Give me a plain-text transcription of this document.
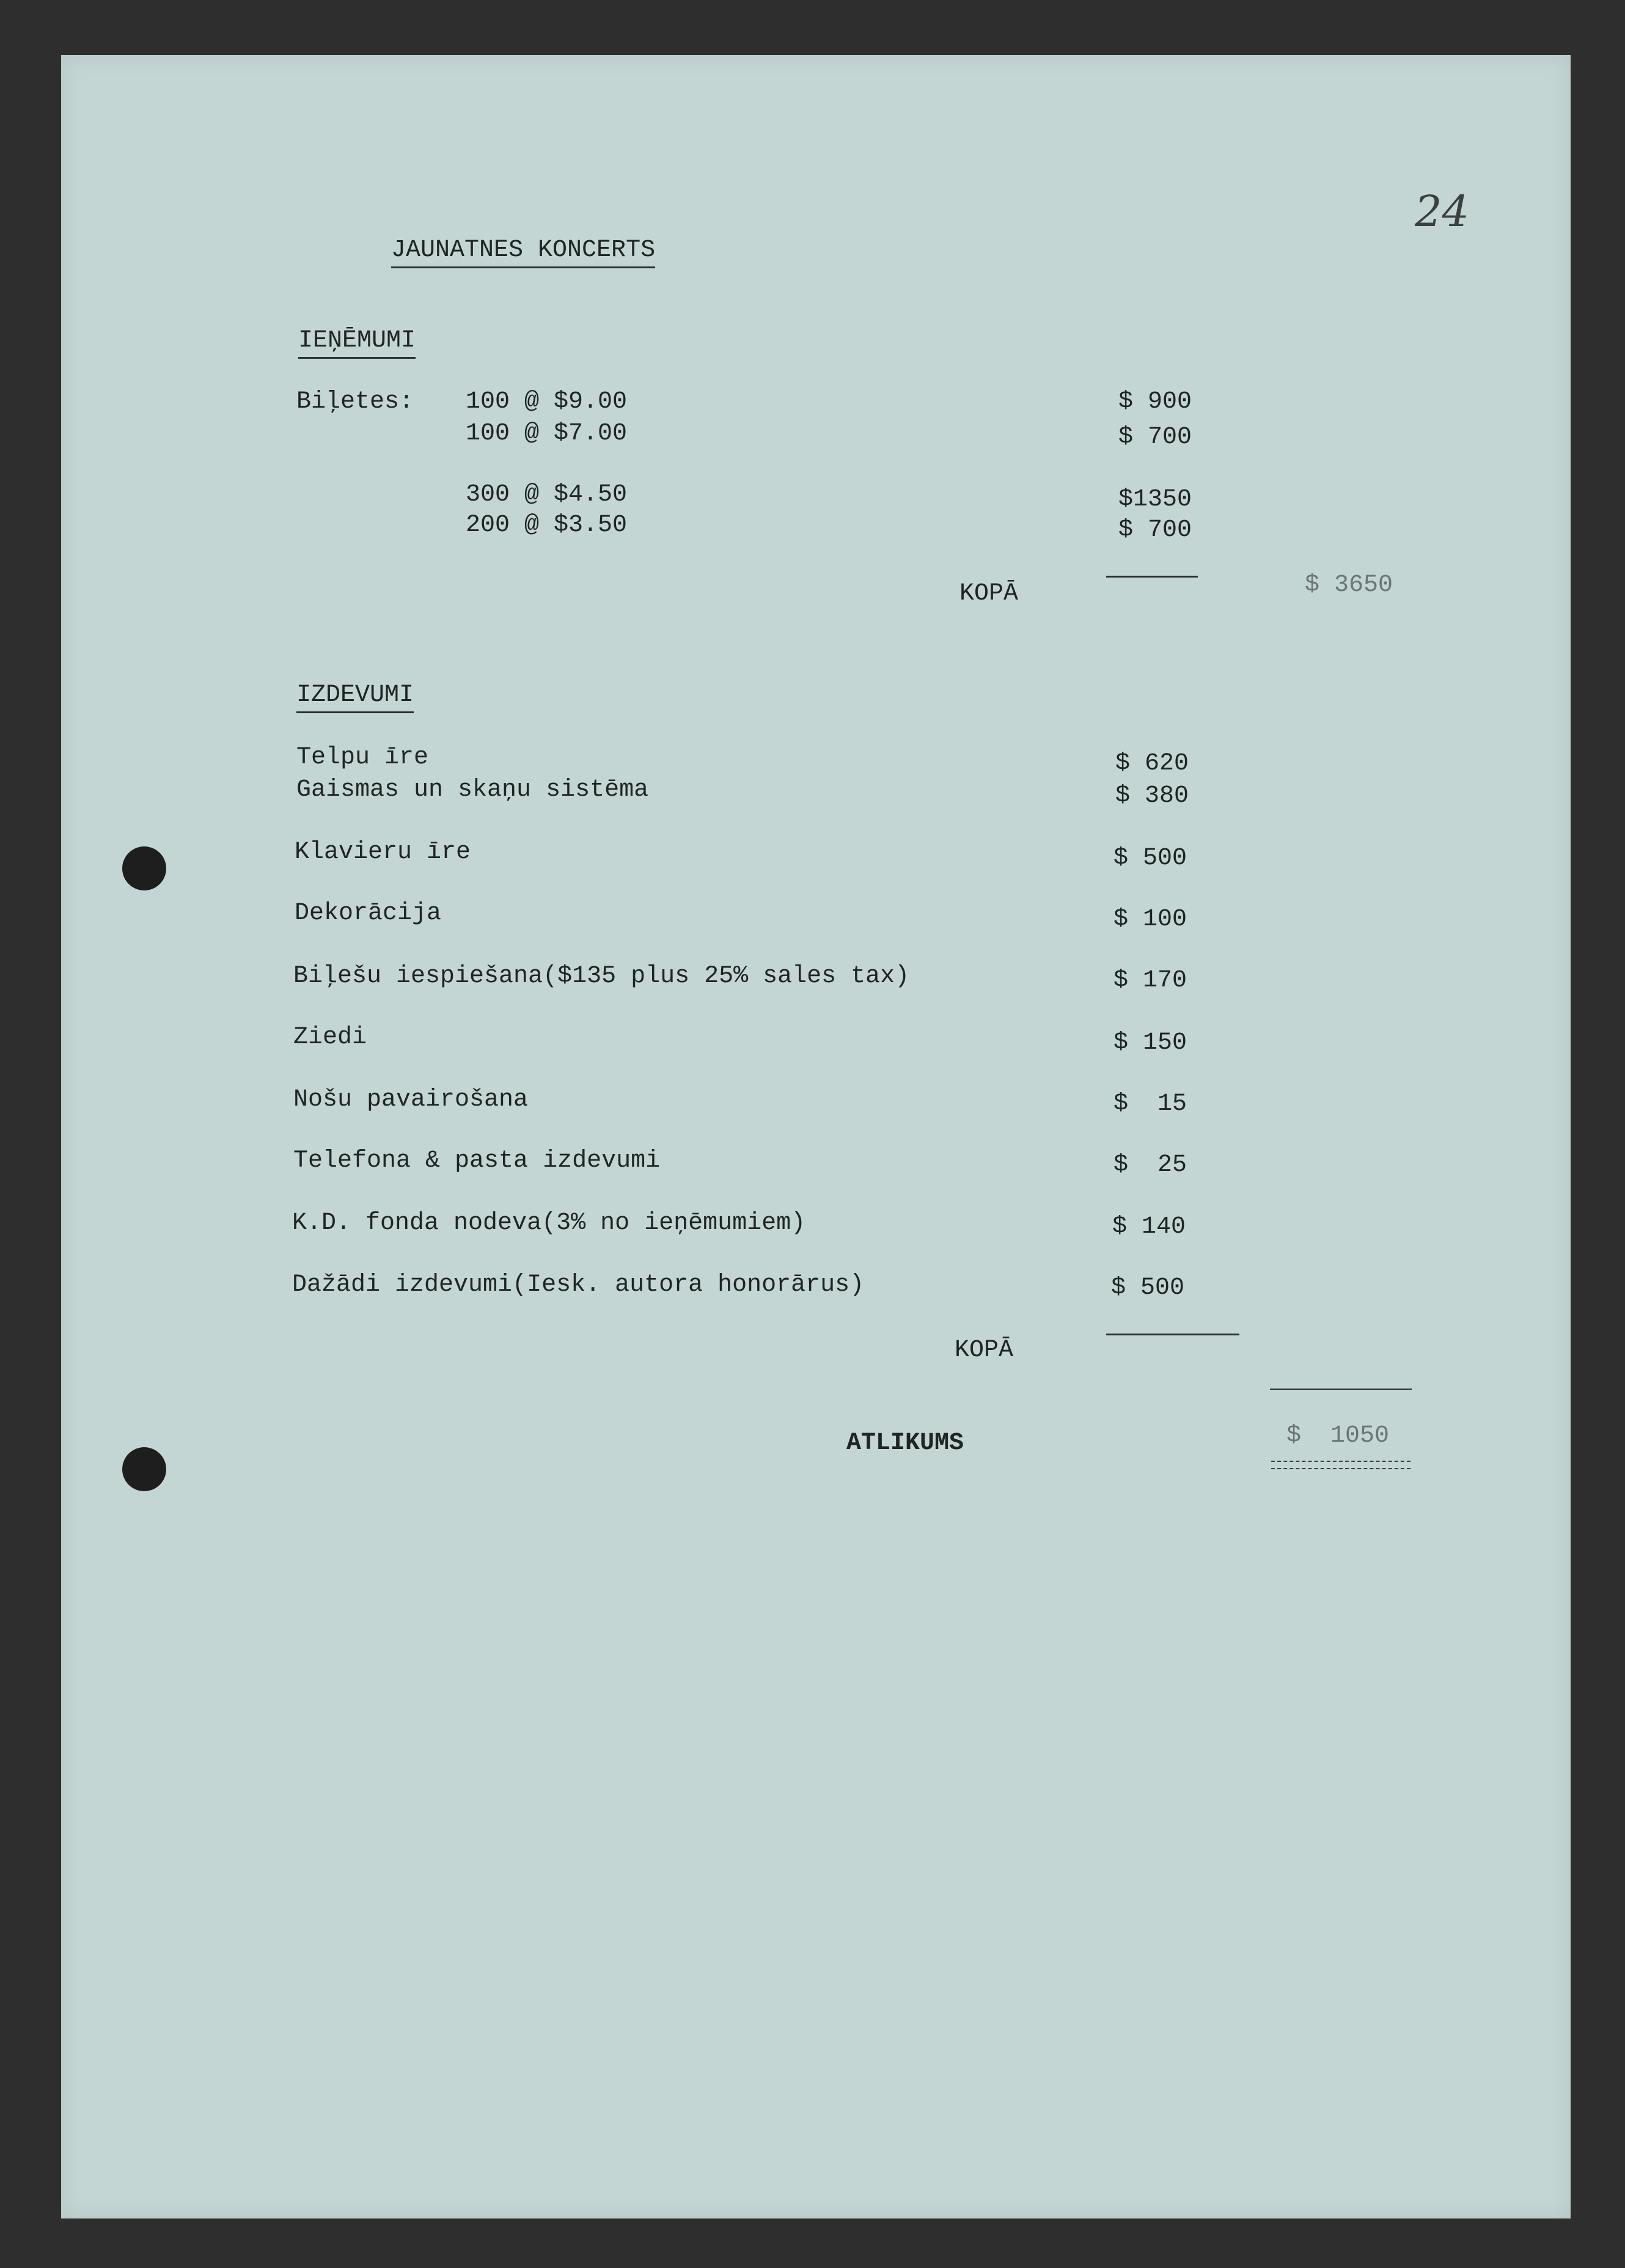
24
JAUNATNES KONCERTS
IEŅĒMUMI
Biļetes: 100 @ $9.00	$ 900
100 @ $7.00	$ 700
300 @ $4.50	$1350
200 @ $3.50	$ 700
KOPĀ	$ 3650
IZDEVUMI
Telpu īre	$ 620
Gaismas un skaņu sistēma	$ 380
Klavieru īre	$ 500
Dekorācija	$ 100
Biļešu iespiešana($135 plus 25% sales tax)	$ 170
Ziedi	$ 150
Nošu pavairošana	$  15
Telefona & pasta izdevumi	$  25
K.D. fonda nodeva(3% no ieņēmumiem)	$ 140
Dažādi izdevumi(Iesk. autora honorārus)	$ 500
KOPĀ
ATLIKUMS	$  1050
